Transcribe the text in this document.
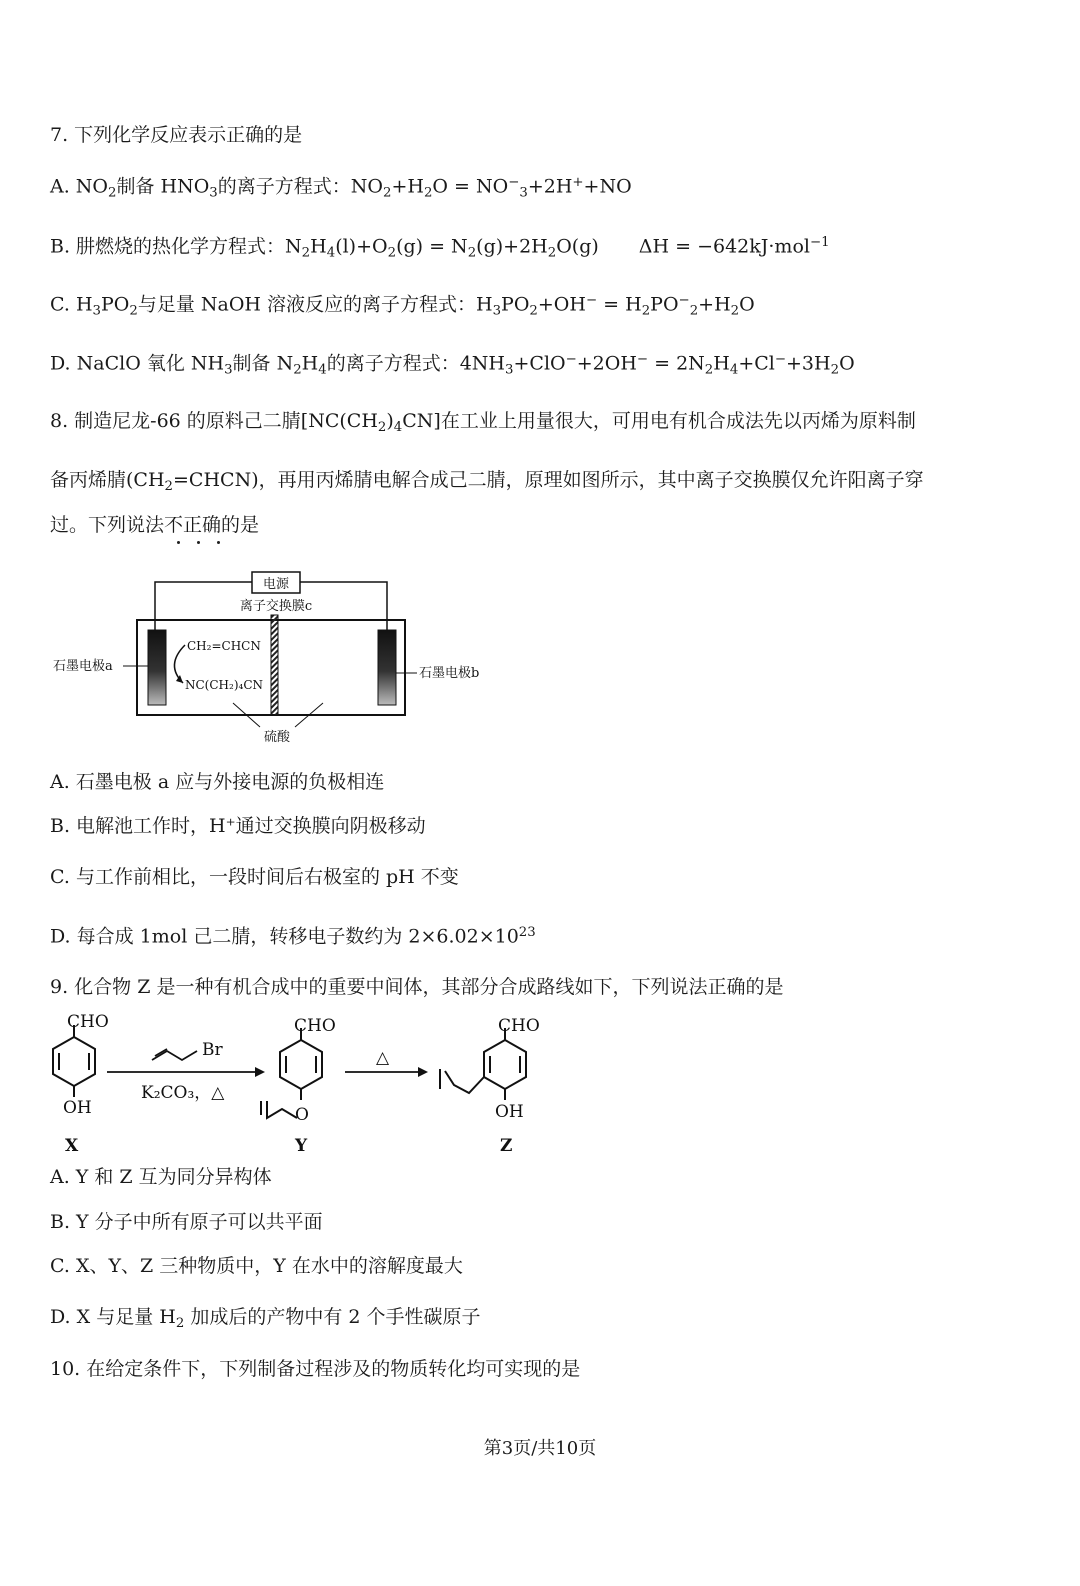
7. 下列化学反应表示正确的是
A. $NO_2$制备 $HNO_3$的离子方程式：$NO_2+H_2O = NO^-_3+2H^++NO$
B. 肼燃烧的热化学方程式：$N_2H_4(l)+O_2(g) = N_2(g)+2H_2O(g) \Delta H = -642kJ\cdot mol^{-1}$
C. $H_3PO_2$与足量 NaOH 溶液反应的离子方程式：$H_3PO_2+OH^- = H_2PO^-_2+H_2O$
D. NaClO 氧化 $NH_3$制备 $N_2H_4$的离子方程式：$4NH_3+ClO^-+2OH^- = 2N_2H_4+Cl^-+3H_2O$
8. 制造尼龙-66 的原料己二腈$[NC(CH_2)_4CN]$在工业上用量很大，可用电有机合成法先以丙烯为原料制
备丙烯腈$(CH_2=CHCN)$，再用丙烯腈电解合成己二腈，原理如图所示，其中离子交换膜仅允许阳离子穿
过。下列说法不正确的是
电源
离子交换膜c
CH₂=CHCN
NC(CH₂)₄CN
石墨电极a	石墨电极b
硫酸
A. 石墨电极 a 应与外接电源的负极相连
B. 电解池工作时，H⁺通过交换膜向阴极移动
C. 与工作前相比，一段时间后右极室的 pH 不变
D. 每合成 1mol 己二腈，转移电子数约为 $2\times 6.02\times 10^{23}$
9. 化合物 Z 是一种有机合成中的重要中间体，其部分合成路线如下，下列说法正确的是
CHO
OH
X
Br
K₂CO₃，△
CHO
O
Y
△
CHO
OH
Z
A. Y 和 Z 互为同分异构体
B. Y 分子中所有原子可以共平面
C. X、Y、Z 三种物质中，Y 在水中的溶解度最大
D. X 与足量 $H_2$ 加成后的产物中有 2 个手性碳原子
10. 在给定条件下，下列制备过程涉及的物质转化均可实现的是
第3页/共10页
